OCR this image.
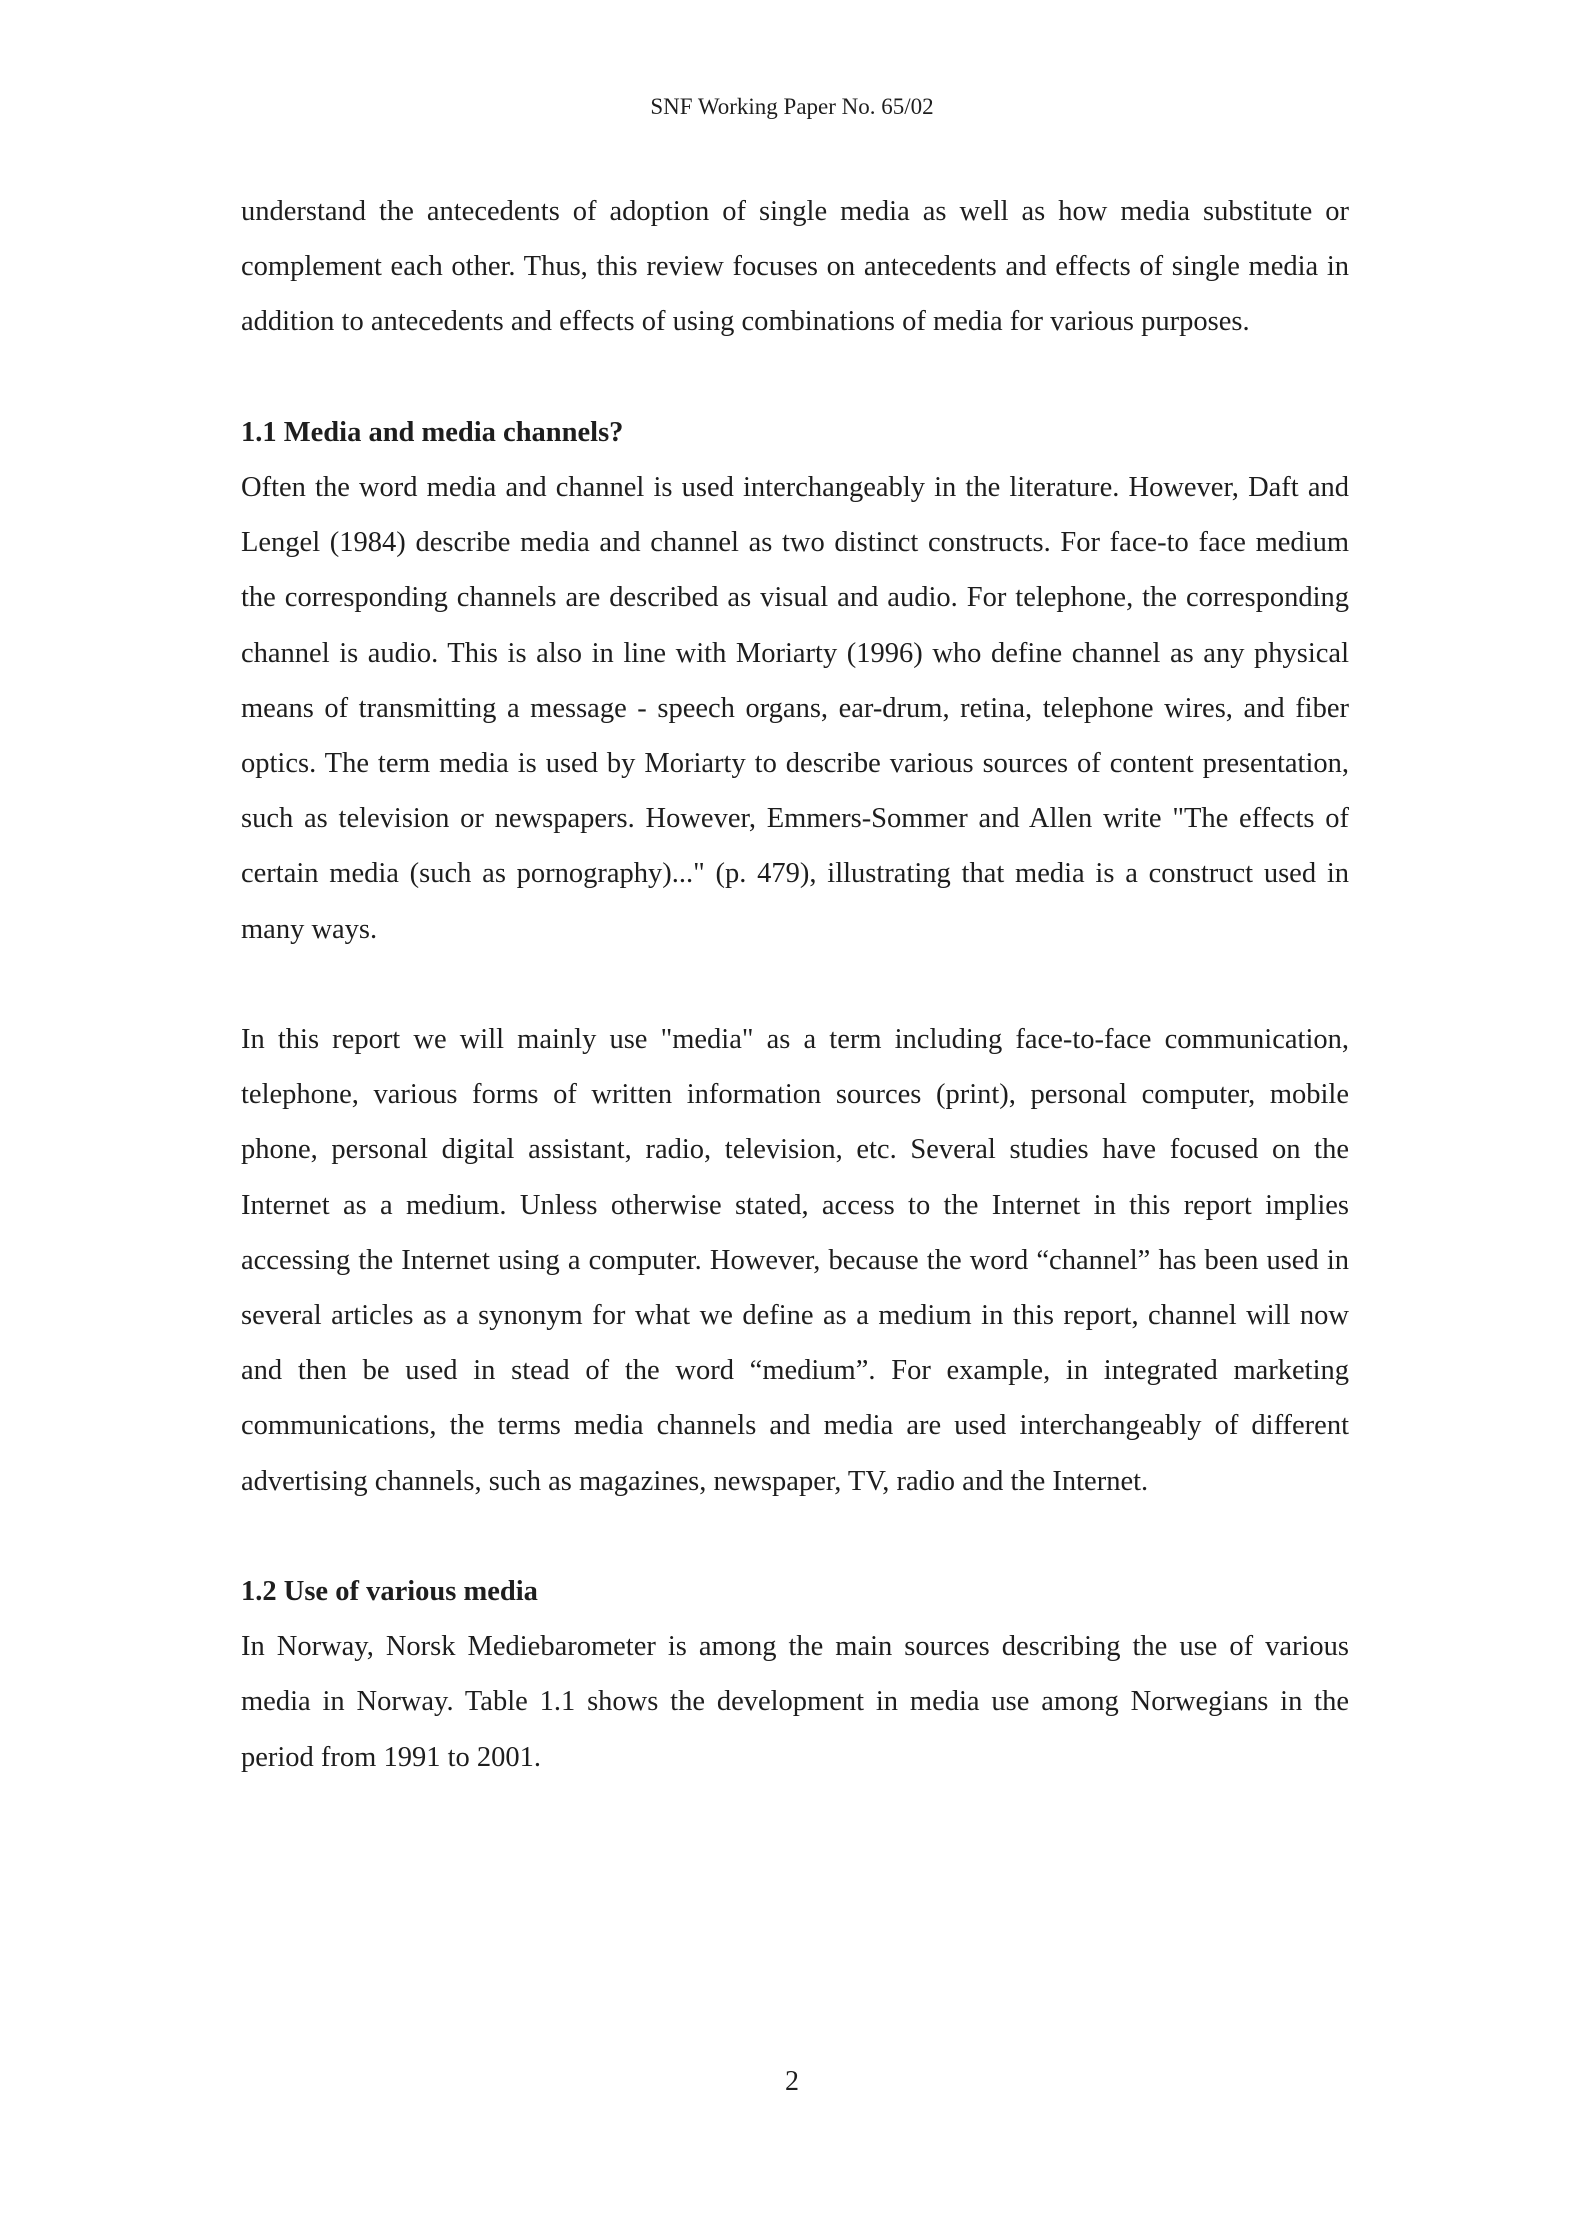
SNF Working Paper No. 65/02

understand the antecedents of adoption of single media as well as how media substitute or complement each other. Thus, this review focuses on antecedents and effects of single media in addition to antecedents and effects of using combinations of media for various purposes.

1.1 Media and media channels?

Often the word media and channel is used interchangeably in the literature. However, Daft and Lengel (1984) describe media and channel as two distinct constructs. For face-to face medium the corresponding channels are described as visual and audio. For telephone, the corresponding channel is audio. This is also in line with Moriarty (1996) who define channel as any physical means of transmitting a message - speech organs, ear-drum, retina, telephone wires, and fiber optics. The term media is used by Moriarty to describe various sources of content presentation, such as television or newspapers. However, Emmers-Sommer and Allen write "The effects of certain media (such as pornography)..." (p. 479), illustrating that media is a construct used in many ways.

In this report we will mainly use "media" as a term including face-to-face communication, telephone, various forms of written information sources (print), personal computer, mobile phone, personal digital assistant, radio, television, etc. Several studies have focused on the Internet as a medium. Unless otherwise stated, access to the Internet in this report implies accessing the Internet using a computer. However, because the word “channel” has been used in several articles as a synonym for what we define as a medium in this report, channel will now and then be used in stead of the word “medium”. For example, in integrated marketing communications, the terms media channels and media are used interchangeably of different advertising channels, such as magazines, newspaper, TV, radio and the Internet.

1.2 Use of various media

In Norway, Norsk Mediebarometer is among the main sources describing the use of various media in Norway. Table 1.1 shows the development in media use among Norwegians in the period from 1991 to 2001.

2
